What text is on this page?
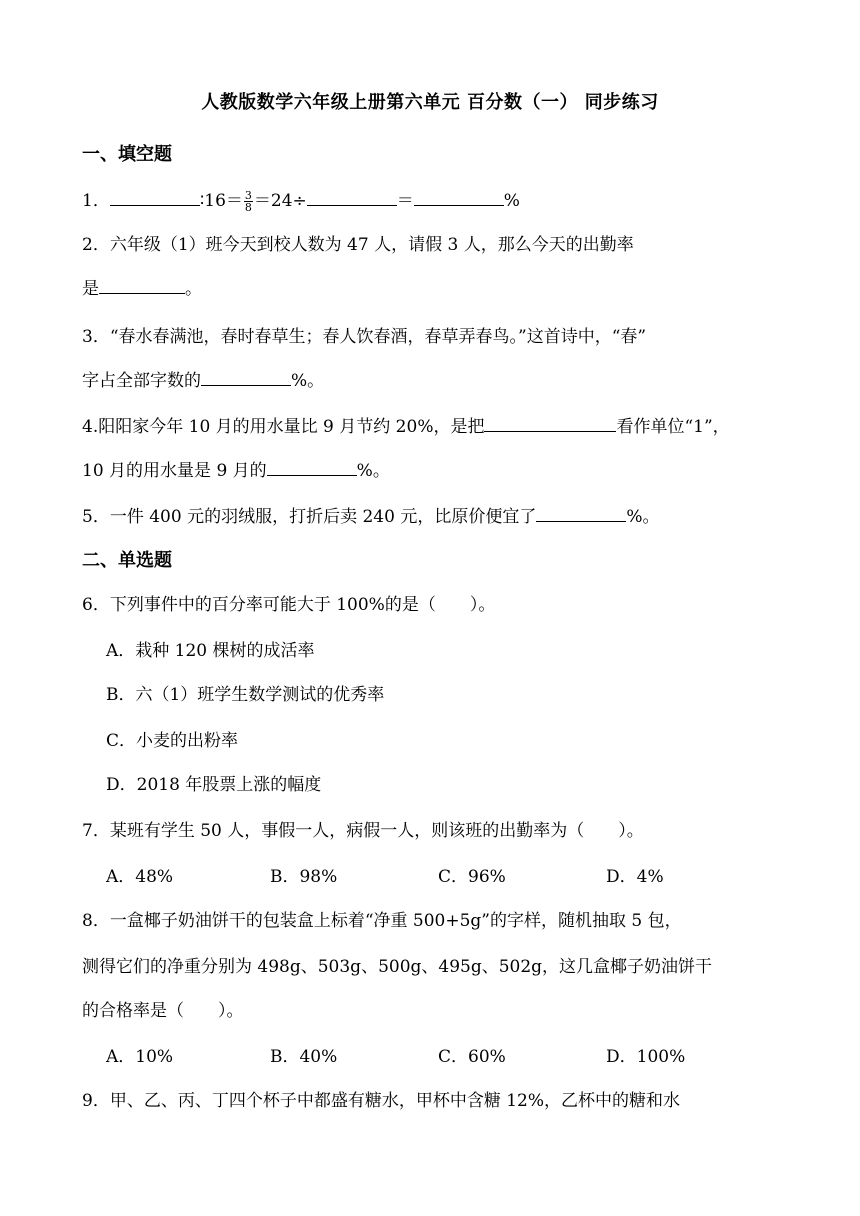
人教版数学六年级上册第六单元 百分数（一） 同步练习
一、填空题
1．	∶16＝ $\frac{3}{8} =24\div$	＝	%
2．六年级（1）班今天到校人数为 47 人，请假 3 人，那么今天的出勤率
是	。
3．“春水春满池，春时春草生；春人饮春酒，春草弄春鸟。”这首诗中，“春”
字占全部字数的	%。
4.阳阳家今年 10 月的用水量比 9 月节约 20%，是把	看作单位“1”，
10 月的用水量是 9 月的	%。
5．一件 400 元的羽绒服，打折后卖 240 元，比原价便宜了	%。
二、单选题
6．下列事件中的百分率可能大于 100%的是（　　）。
A．栽种 120 棵树的成活率
B．六（1）班学生数学测试的优秀率
C．小麦的出粉率
D．2018 年股票上涨的幅度
7．某班有学生 50 人，事假一人，病假一人，则该班的出勤率为（　　）。
A．48%	B．98%	C．96%	D．4%
8．一盒椰子奶油饼干的包装盒上标着“净重 500+5g”的字样，随机抽取 5 包，
测得它们的净重分别为 498g、503g、500g、495g、502g，这几盒椰子奶油饼干
的合格率是（　　）。
A．10%	B．40%	C．60%	D．100%
9．甲、乙、丙、丁四个杯子中都盛有糖水，甲杯中含糖 12%，乙杯中的糖和水
